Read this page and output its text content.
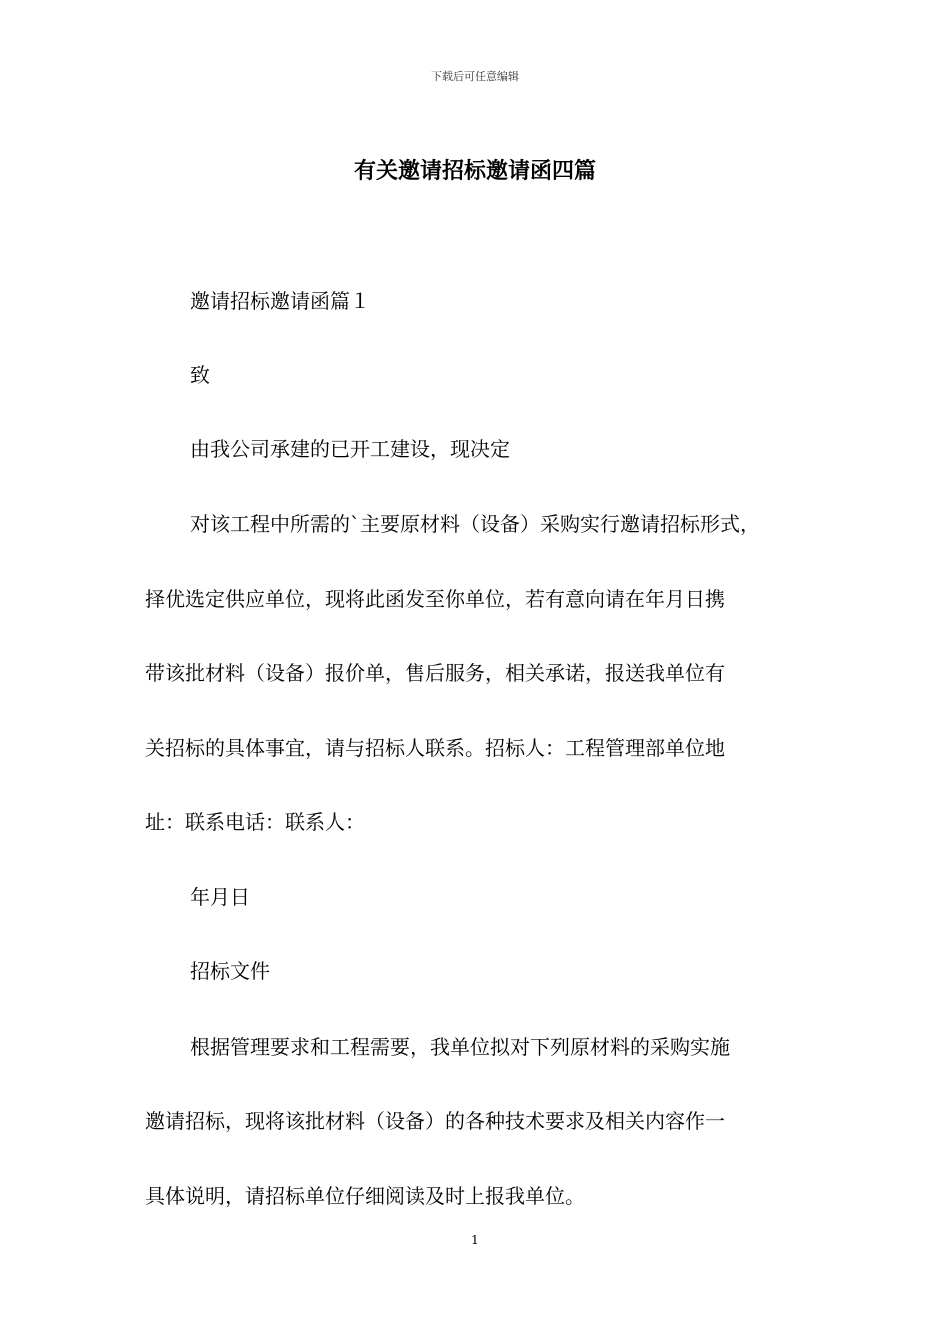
下载后可任意编辑
有关邀请招标邀请函四篇
邀请招标邀请函篇１
致
由我公司承建的已开工建设，现决定
对该工程中所需的`主要原材料（设备）采购实行邀请招标形式，
择优选定供应单位，现将此函发至你单位，若有意向请在年月日携
带该批材料（设备）报价单，售后服务，相关承诺，报送我单位有
关招标的具体事宜，请与招标人联系。招标人：工程管理部单位地
址：联系电话：联系人：
年月日
招标文件
根据管理要求和工程需要，我单位拟对下列原材料的采购实施
邀请招标，现将该批材料（设备）的各种技术要求及相关内容作一
具体说明，请招标单位仔细阅读及时上报我单位。
1
